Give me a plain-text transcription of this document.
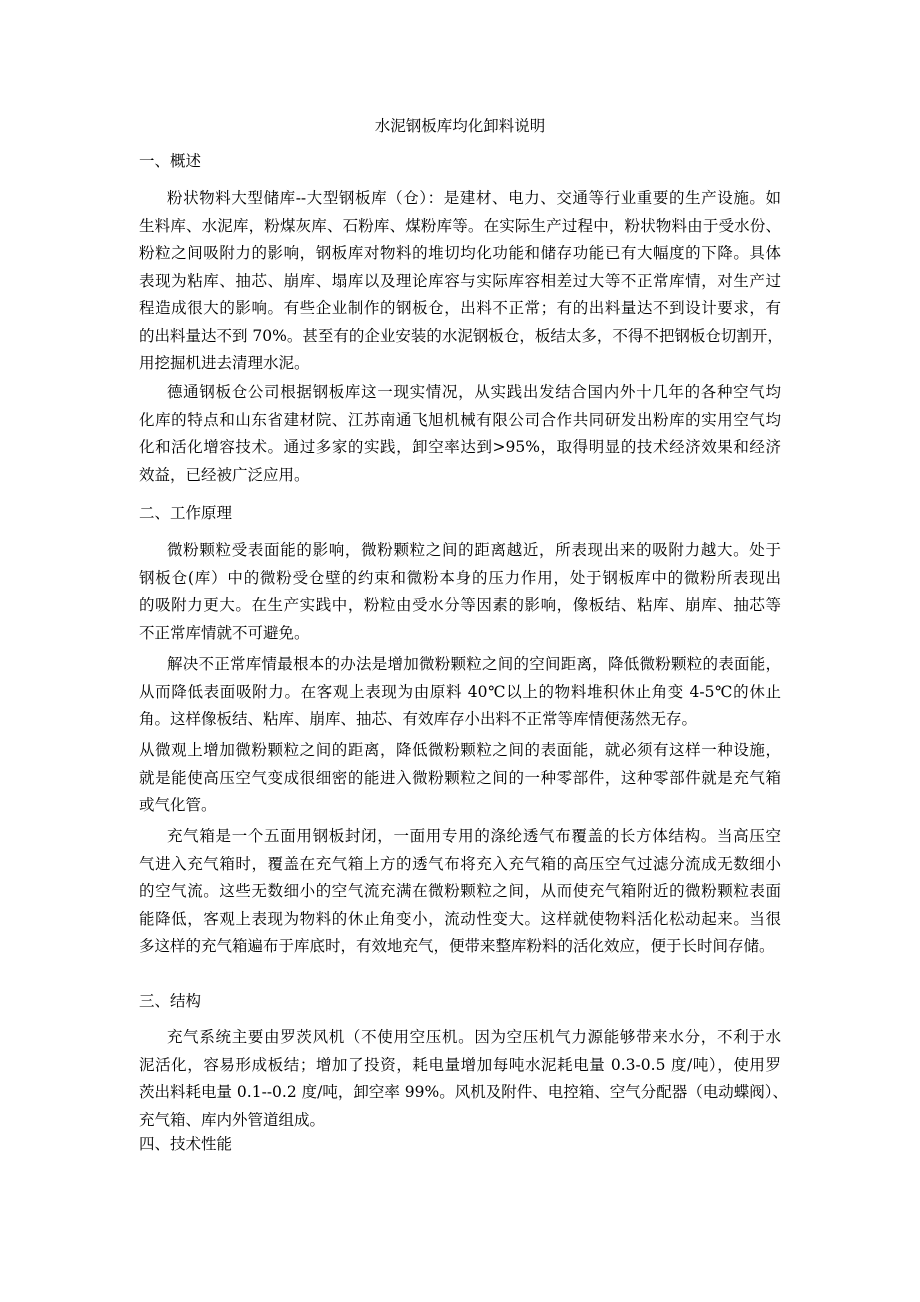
水泥钢板库均化卸料说明
一、概述

粉状物料大型储库--大型钢板库（仓）：是建材、电力、交通等行业重要的生产设施。如
生料库、水泥库，粉煤灰库、石粉库、煤粉库等。在实际生产过程中，粉状物料由于受水份、
粉粒之间吸附力的影响，钢板库对物料的堆切均化功能和储存功能已有大幅度的下降。具体
表现为粘库、抽芯、崩库、塌库以及理论库容与实际库容相差过大等不正常库情，对生产过
程造成很大的影响。有些企业制作的钢板仓，出料不正常；有的出料量达不到设计要求，有
的出料量达不到 70%。甚至有的企业安装的水泥钢板仓，板结太多，不得不把钢板仓切割开，
用挖掘机进去清理水泥。

德通钢板仓公司根据钢板库这一现实情况，从实践出发结合国内外十几年的各种空气均
化库的特点和山东省建材院、江苏南通飞旭机械有限公司合作共同研发出粉库的实用空气均
化和活化增容技术。通过多家的实践，卸空率达到>95%，取得明显的技术经济效果和经济
效益，已经被广泛应用。

二、工作原理

微粉颗粒受表面能的影响，微粉颗粒之间的距离越近，所表现出来的吸附力越大。处于
钢板仓(库）中的微粉受仓壁的约束和微粉本身的压力作用，处于钢板库中的微粉所表现出
的吸附力更大。在生产实践中，粉粒由受水分等因素的影响，像板结、粘库、崩库、抽芯等
不正常库情就不可避免。

解决不正常库情最根本的办法是增加微粉颗粒之间的空间距离，降低微粉颗粒的表面能，
从而降低表面吸附力。在客观上表现为由原料 40℃以上的物料堆积休止角变 4-5℃的休止
角。这样像板结、粘库、崩库、抽芯、有效库存小出料不正常等库情便荡然无存。

从微观上增加微粉颗粒之间的距离，降低微粉颗粒之间的表面能，就必须有这样一种设施，
就是能使高压空气变成很细密的能进入微粉颗粒之间的一种零部件，这种零部件就是充气箱
或气化管。

充气箱是一个五面用钢板封闭，一面用专用的涤纶透气布覆盖的长方体结构。当高压空
气进入充气箱时，覆盖在充气箱上方的透气布将充入充气箱的高压空气过滤分流成无数细小
的空气流。这些无数细小的空气流充满在微粉颗粒之间，从而使充气箱附近的微粉颗粒表面
能降低，客观上表现为物料的休止角变小，流动性变大。这样就使物料活化松动起来。当很
多这样的充气箱遍布于库底时，有效地充气，便带来整库粉料的活化效应，便于长时间存储。

三、结构

充气系统主要由罗茨风机（不使用空压机。因为空压机气力源能够带来水分，不利于水
泥活化，容易形成板结；增加了投资，耗电量增加每吨水泥耗电量 0.3-0.5 度/吨），使用罗
茨出料耗电量 0.1--0.2 度/吨，卸空率 99%。风机及附件、电控箱、空气分配器（电动蝶阀）、
充气箱、库内外管道组成。

四、技术性能
